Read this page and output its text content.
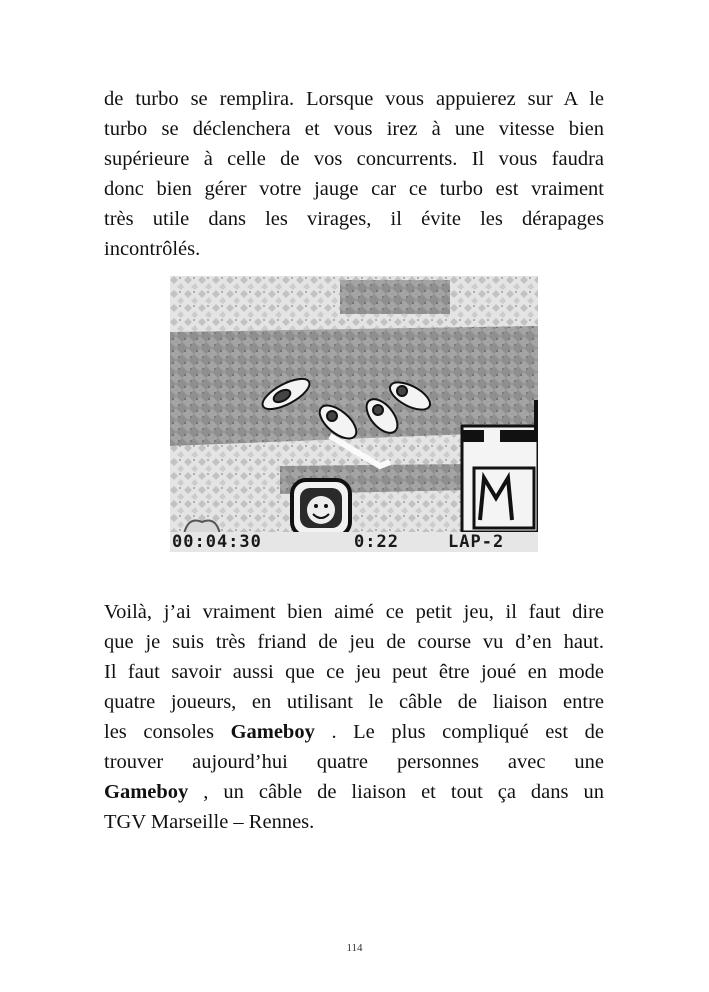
de turbo se remplira. Lorsque vous appuierez sur A le
turbo se déclenchera et vous irez à une vitesse bien
supérieure à celle de vos concurrents. Il vous faudra
donc bien gérer votre jauge car ce turbo est vraiment
très utile dans les virages, il évite les dérapages
incontrôlés.
00:04:30	0:22	LAP-2
Voilà, j’ai vraiment bien aimé ce petit jeu, il faut dire
que je suis très friand de jeu de course vu d’en haut.
Il faut savoir aussi que ce jeu peut être joué en mode
quatre joueurs, en utilisant le câble de liaison entre
les consoles Gameboy . Le plus compliqué est de
trouver aujourd’hui quatre personnes avec une
Gameboy , un câble de liaison et tout ça dans un
TGV Marseille – Rennes.
114
